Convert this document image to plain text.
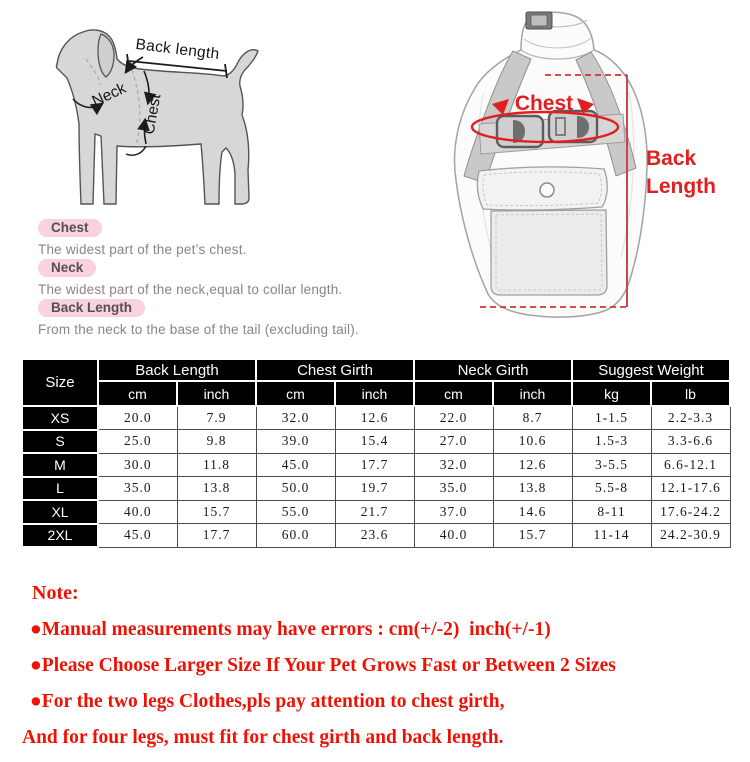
Back length
Neck Chest	Chest
Back
Length
Chest
The widest part of the pet’s chest.
Neck
The widest part of the neck,equal to collar length.
Back Length
From the neck to the base of the tail (excluding tail).
Size	Back Length		Chest Girth		Neck Girth		Suggest Weight	
	cm	inch	cm	inch	cm	inch	kg	lb
XS	20.0	7.9	32.0	12.6	22.0	8.7	1-1.5	2.2-3.3
S	25.0	9.8	39.0	15.4	27.0	10.6	1.5-3	3.3-6.6
M	30.0	11.8	45.0	17.7	32.0	12.6	3-5.5	6.6-12.1
L	35.0	13.8	50.0	19.7	35.0	13.8	5.5-8	12.1-17.6
XL	40.0	15.7	55.0	21.7	37.0	14.6	8-11	17.6-24.2
2XL	45.0	17.7	60.0	23.6	40.0	15.7	11-14	24.2-30.9
Note:
●Manual measurements may have errors : cm(+/-2)  inch(+/-1)
●Please Choose Larger Size If Your Pet Grows Fast or Between 2 Sizes
●For the two legs Clothes,pls pay attention to chest girth,
And for four legs, must fit for chest girth and back length.
